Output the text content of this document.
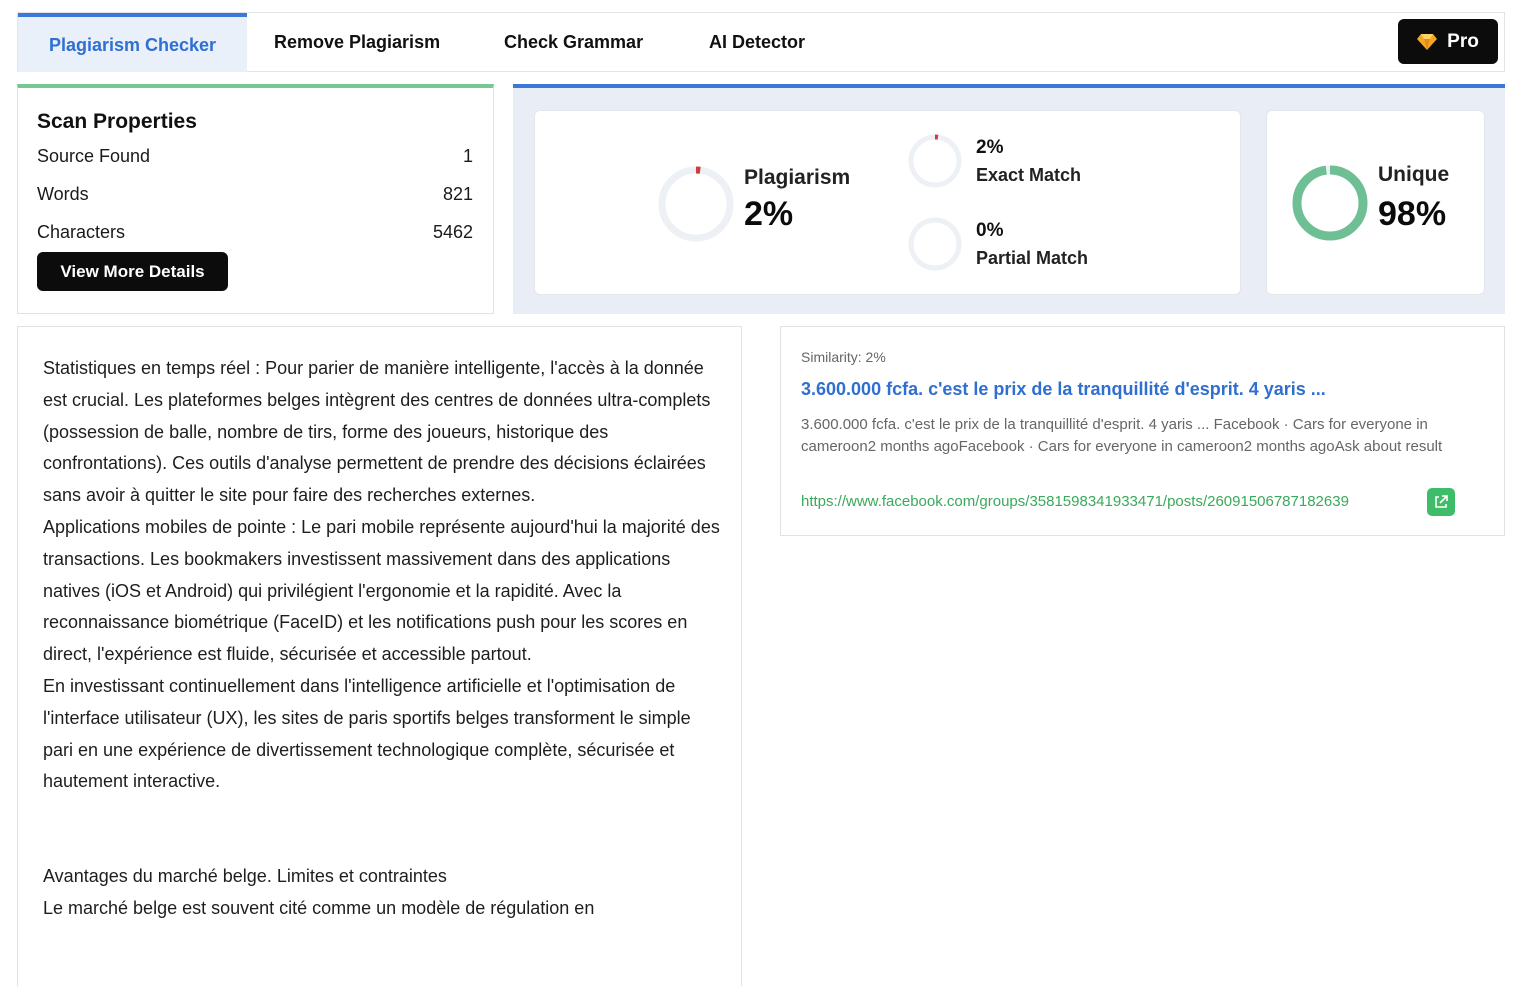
Plagiarism Checker	Remove Plagiarism	Check Grammar	AI Detector	Pro
Scan Properties
Source Found	1
Words	821
Characters	5462
View More Details
Plagiarism
2%
2%
Exact Match
0%
Partial Match
Unique
98%

Statistiques en temps réel : Pour parier de manière intelligente, l'accès à la donnée est crucial. Les plateformes belges intègrent des centres de données ultra-complets (possession de balle, nombre de tirs, forme des joueurs, historique des confrontations). Ces outils d'analyse permettent de prendre des décisions éclairées sans avoir à quitter le site pour faire des recherches externes.

Applications mobiles de pointe : Le pari mobile représente aujourd'hui la majorité des transactions. Les bookmakers investissent massivement dans des applications natives (iOS et Android) qui privilégient l'ergonomie et la rapidité. Avec la reconnaissance biométrique (FaceID) et les notifications push pour les scores en direct, l'expérience est fluide, sécurisée et accessible partout.

En investissant continuellement dans l'intelligence artificielle et l'optimisation de l'interface utilisateur (UX), les sites de paris sportifs belges transforment le simple pari en une expérience de divertissement technologique complète, sécurisée et hautement interactive.

Avantages du marché belge. Limites et contraintes

Le marché belge est souvent cité comme un modèle de régulation en

Similarity: 2%
3.600.000 fcfa. c'est le prix de la tranquillité d'esprit. 4 yaris ...
3.600.000 fcfa. c'est le prix de la tranquillité d'esprit. 4 yaris ... Facebook · Cars for everyone in cameroon2 months agoFacebook · Cars for everyone in cameroon2 months agoAsk about result
https://www.facebook.com/groups/3581598341933471/posts/26091506787182639
